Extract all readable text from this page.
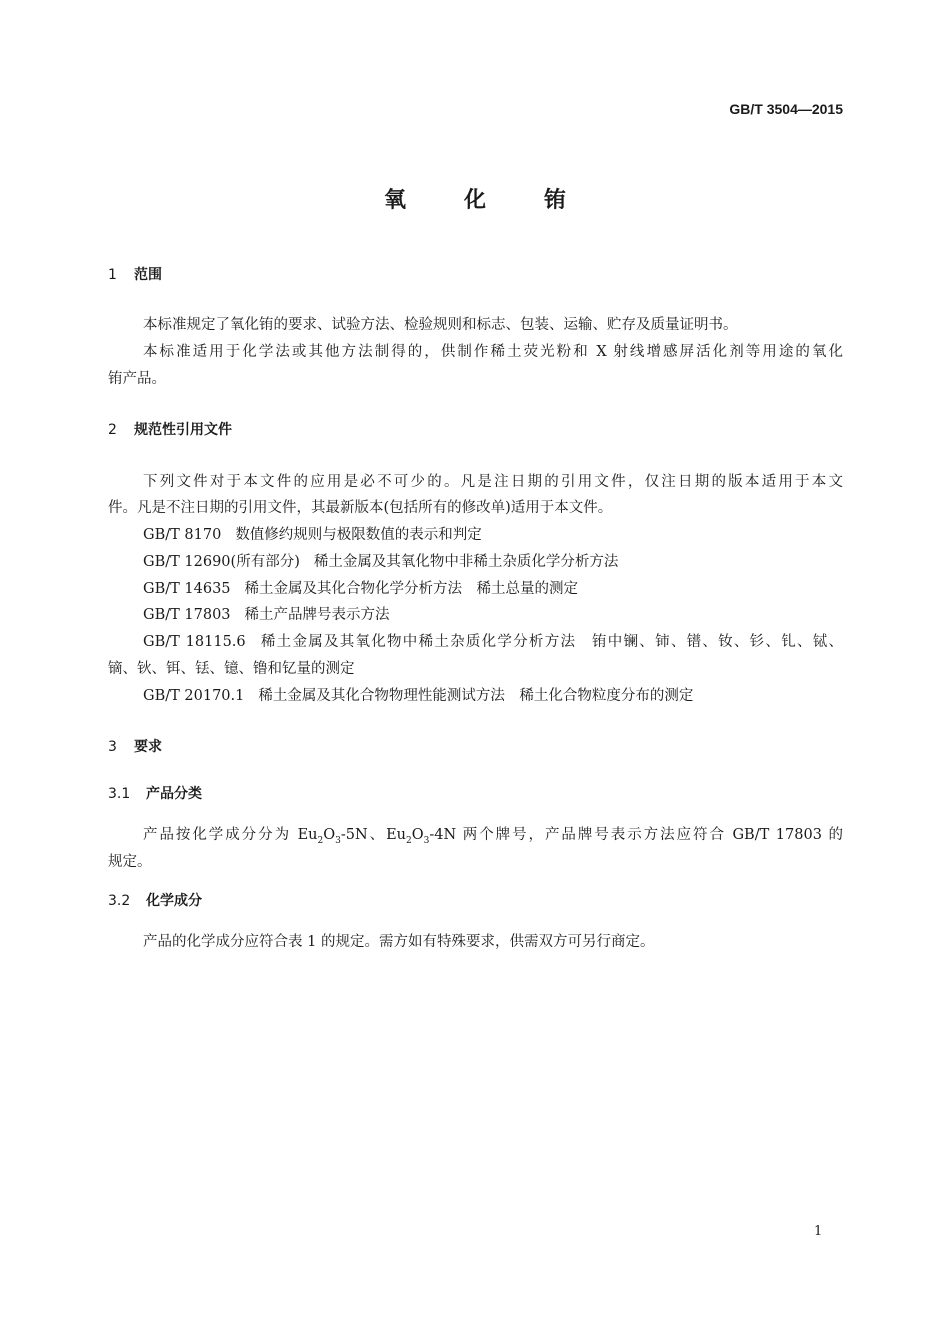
GB/T 3504—2015
氧化铕
1 范围
本标准规定了氧化铕的要求、试验方法、检验规则和标志、包装、运输、贮存及质量证明书。
本标准适用于化学法或其他方法制得的，供制作稀土荧光粉和 X 射线增感屏活化剂等用途的氧化
铕产品。
2 规范性引用文件
下列文件对于本文件的应用是必不可少的。凡是注日期的引用文件，仅注日期的版本适用于本文
件。凡是不注日期的引用文件，其最新版本(包括所有的修改单)适用于本文件。
GB/T 8170 数值修约规则与极限数值的表示和判定
GB/T 12690(所有部分) 稀土金属及其氧化物中非稀土杂质化学分析方法
GB/T 14635 稀土金属及其化合物化学分析方法　稀土总量的测定
GB/T 17803 稀土产品牌号表示方法
GB/T 18115.6 稀土金属及其氧化物中稀土杂质化学分析方法　铕中镧、铈、镨、钕、钐、钆、铽、
镝、钬、铒、铥、镱、镥和钇量的测定
GB/T 20170.1 稀土金属及其化合物物理性能测试方法　稀土化合物粒度分布的测定
3 要求
3.1 产品分类
产品按化学成分分为 $Eu_2O_3-5N$、$Eu_2O_3-4N$ 两个牌号，产品牌号表示方法应符合 GB/T 17803 的
规定。
3.2 化学成分
产品的化学成分应符合表 1 的规定。需方如有特殊要求，供需双方可另行商定。
1
